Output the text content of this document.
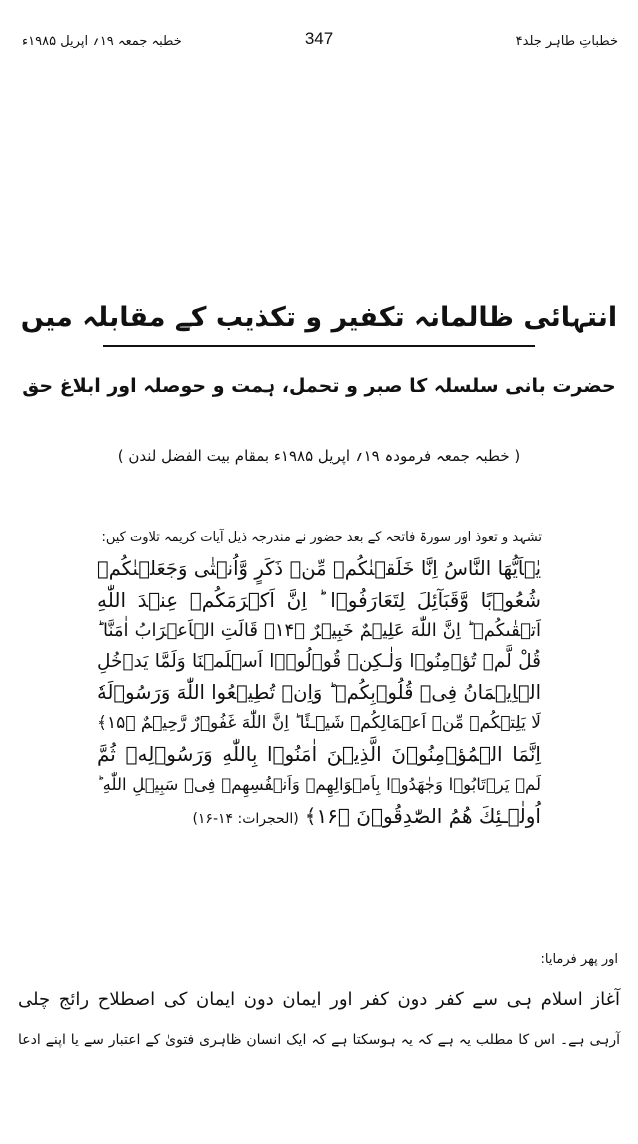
خطبہ جمعہ ۱۹؍ اپریل ۱۹۸۵ء	347	خطباتِ طاہر جلد۴
انتہائی ظالمانہ تکفیر و تکذیب کے مقابلہ میں
حضرت بانی سلسلہ کا صبر و تحمل، ہمت و حوصلہ اور ابلاغ حق
( خطبہ جمعہ فرمودہ ۱۹؍ اپریل ۱۹۸۵ء بمقام بیت الفضل لندن )
تشہد و تعوذ اور سورۃ فاتحہ کے بعد حضور نے مندرجہ ذیل آیات کریمہ تلاوت کیں:
يٰۤاَيُّهَا النَّاسُ اِنَّا خَلَقۡنٰكُمۡ مِّنۡ ذَكَرٍ وَّاُنۡثٰى وَجَعَلۡنٰكُمۡ
شُعُوۡبًا وَّقَبَآئِلَ لِتَعَارَفُوۡا ؕ اِنَّ اَكۡرَمَكُمۡ عِنۡدَ اللّٰهِ
اَتۡقٰٮكُمۡ ؕ اِنَّ اللّٰهَ عَلِيۡمٌ خَبِيۡرٌ ﴿۱۴﴾ قَالَتِ الۡاَعۡرَابُ اٰمَنَّا ؕ
قُلْ لَّمۡ تُؤۡمِنُوۡا وَلٰـكِنۡ قُوۡلُوۡۤا اَسۡلَمۡنَا وَلَمَّا يَدۡخُلِ
الۡاِيۡمَانُ فِىۡ قُلُوۡبِكُمۡ ؕ وَاِنۡ تُطِيۡعُوا اللّٰهَ وَرَسُوۡلَهٗ
لَا يَلِتۡكُمۡ مِّنۡ اَعۡمَالِكُمۡ شَيۡـئًا ؕ اِنَّ اللّٰهَ غَفُوۡرٌ رَّحِيۡمٌ ﴿۱۵﴾
اِنَّمَا الۡمُؤۡمِنُوۡنَ الَّذِيۡنَ اٰمَنُوۡا بِاللّٰهِ وَرَسُوۡلِهٖ ثُمَّ
لَمۡ يَرۡتَابُوۡا وَجٰهَدُوۡا بِاَمۡوَالِهِمۡ وَاَنۡفُسِهِمۡ فِىۡ سَبِيۡلِ اللّٰهِ ؕ
اُولٰۤـئِكَ هُمُ الصّٰدِقُوۡنَ ﴿۱۶﴾(الحجرات: ۱۴-۱۶)
اور پھر فرمایا:
آغاز اسلام ہی سے کفر دون کفر اور ایمان دون ایمان کی اصطلاح رائج چلی
آرہی ہے۔ اس کا مطلب یہ ہے کہ یہ ہوسکتا ہے کہ ایک انسان ظاہری فتویٰ کے اعتبار سے یا اپنے ادعا
